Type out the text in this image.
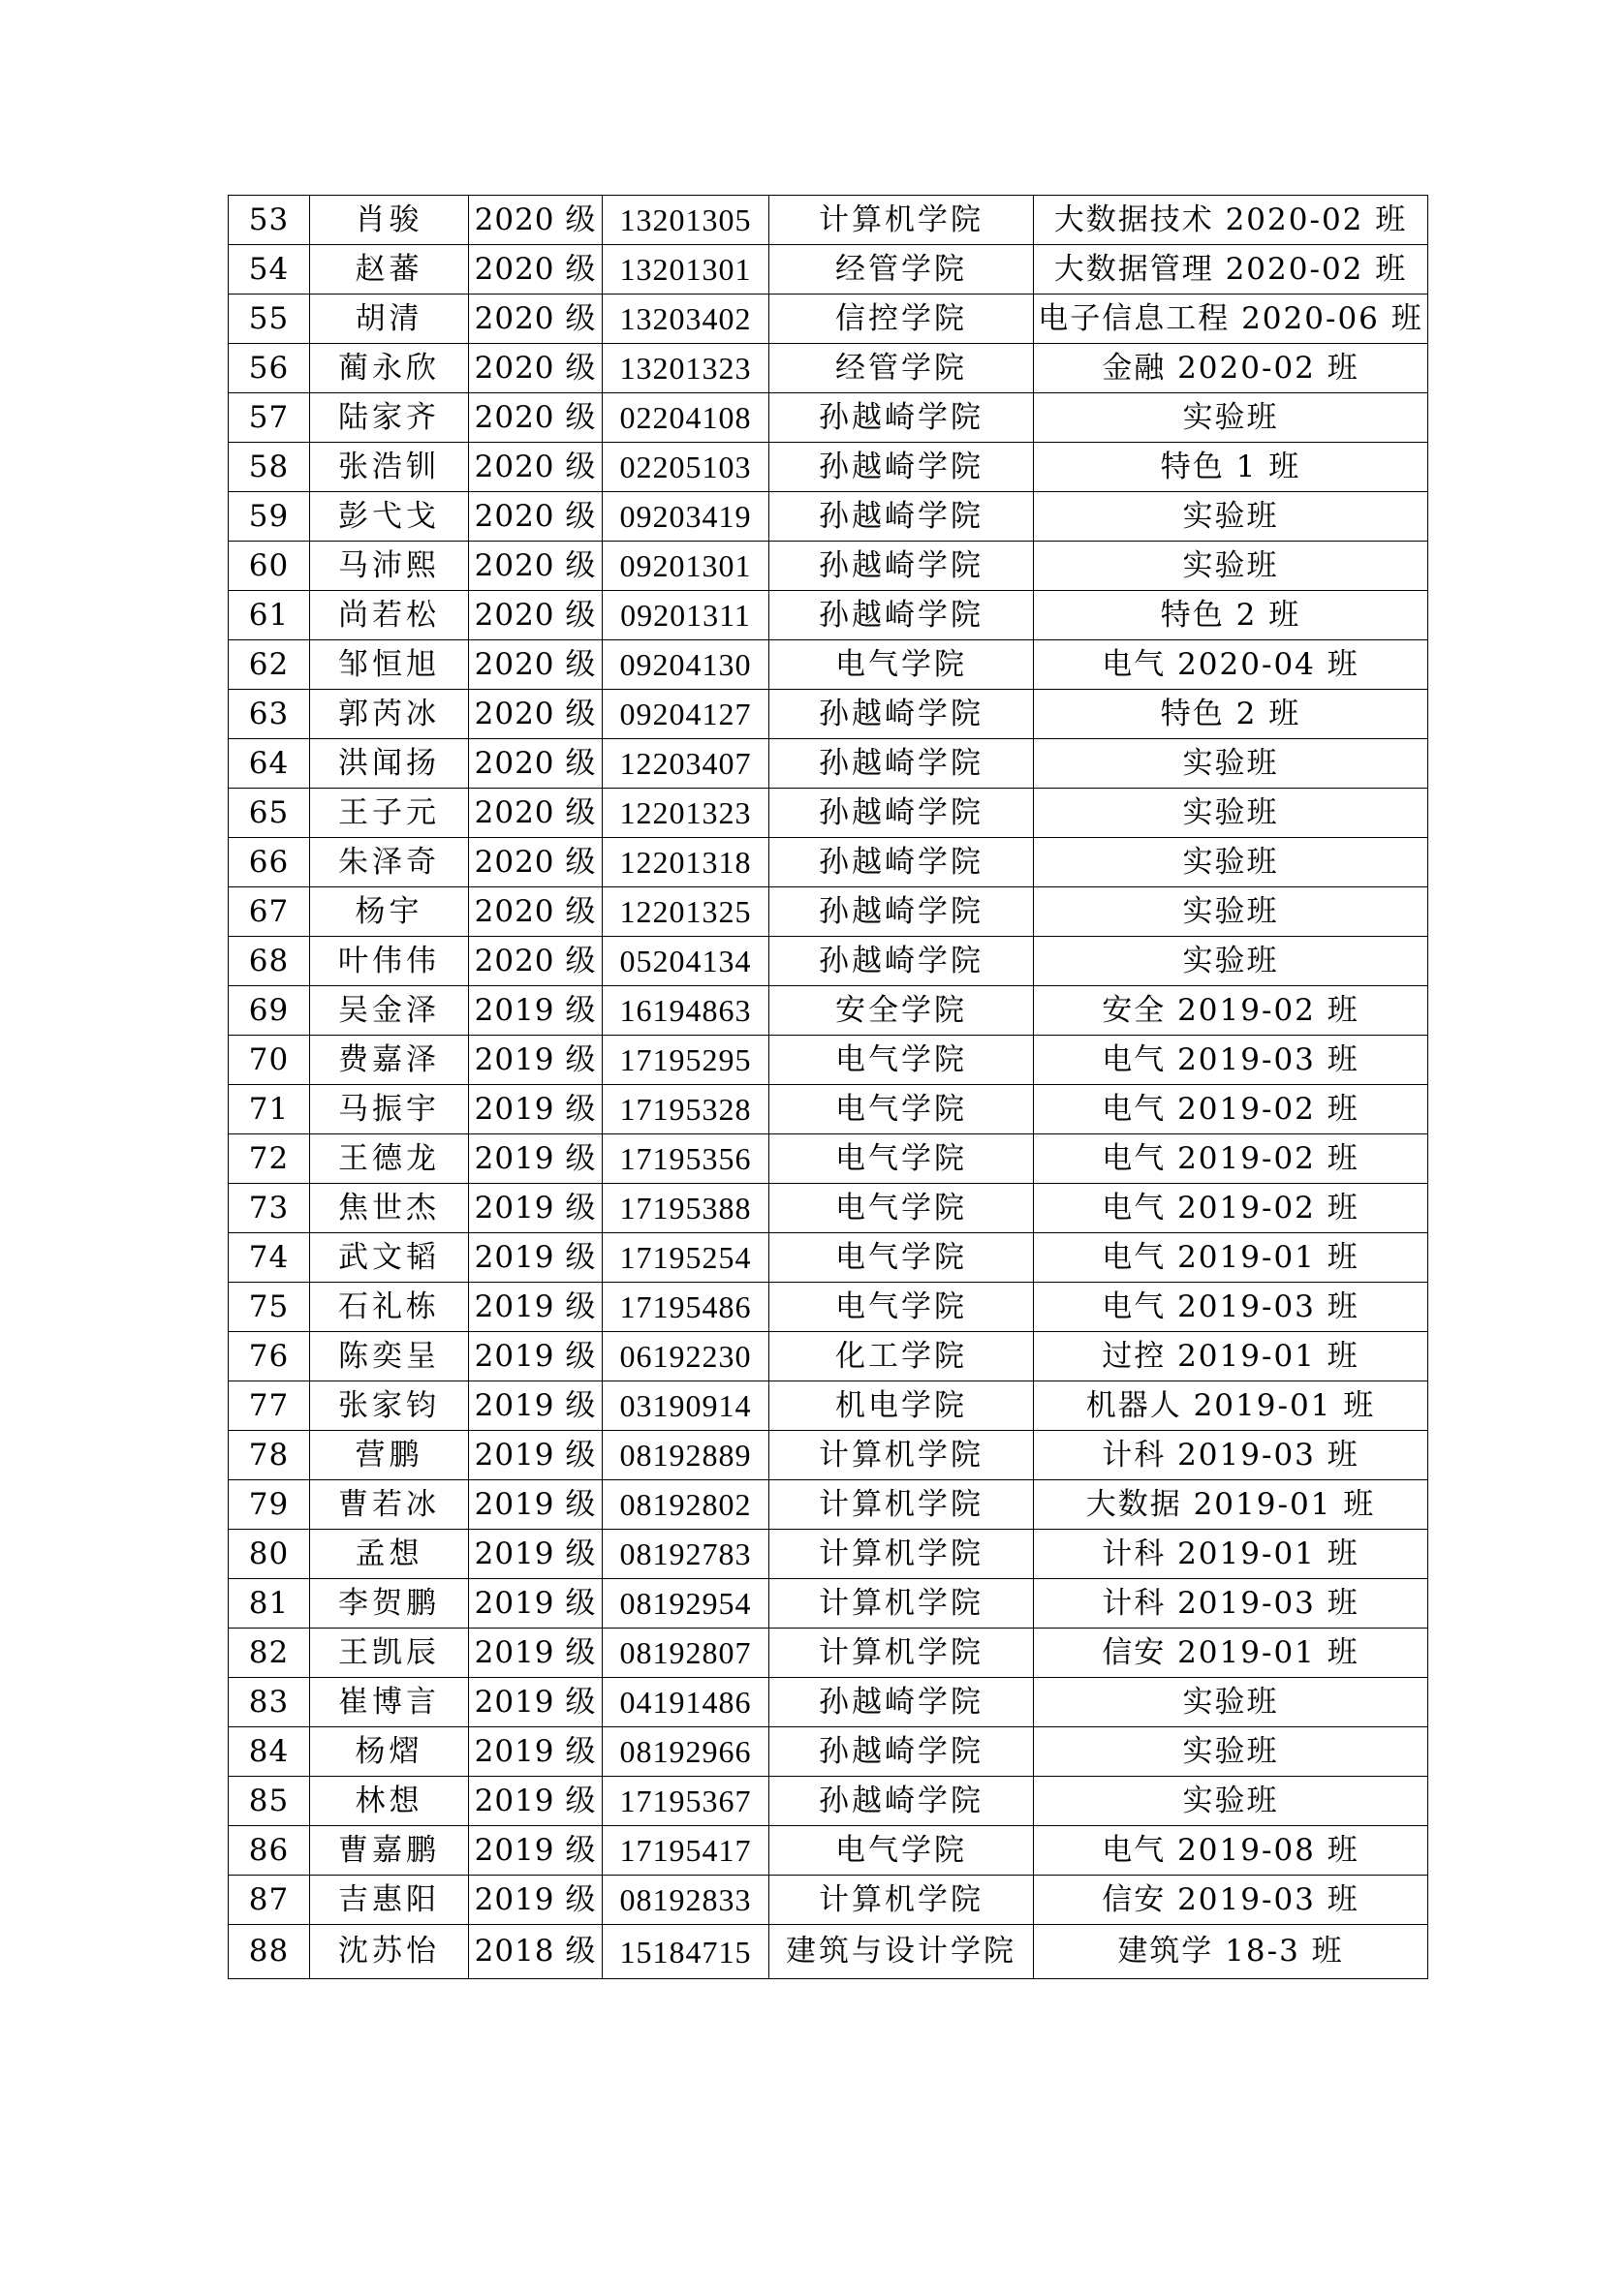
53	肖骏	2020 级	13201305	计算机学院	大数据技术 2020-02 班
54	赵蕃	2020 级	13201301	经管学院	大数据管理 2020-02 班
55	胡清	2020 级	13203402	信控学院	电子信息工程 2020-06 班
56	蔺永欣	2020 级	13201323	经管学院	金融 2020-02 班
57	陆家齐	2020 级	02204108	孙越崎学院	实验班
58	张浩钏	2020 级	02205103	孙越崎学院	特色 1 班
59	彭弋戈	2020 级	09203419	孙越崎学院	实验班
60	马沛熙	2020 级	09201301	孙越崎学院	实验班
61	尚若松	2020 级	09201311	孙越崎学院	特色 2 班
62	邹恒旭	2020 级	09204130	电气学院	电气 2020-04 班
63	郭芮冰	2020 级	09204127	孙越崎学院	特色 2 班
64	洪闻扬	2020 级	12203407	孙越崎学院	实验班
65	王子元	2020 级	12201323	孙越崎学院	实验班
66	朱泽奇	2020 级	12201318	孙越崎学院	实验班
67	杨宇	2020 级	12201325	孙越崎学院	实验班
68	叶伟伟	2020 级	05204134	孙越崎学院	实验班
69	吴金泽	2019 级	16194863	安全学院	安全 2019-02 班
70	费嘉泽	2019 级	17195295	电气学院	电气 2019-03 班
71	马振宇	2019 级	17195328	电气学院	电气 2019-02 班
72	王德龙	2019 级	17195356	电气学院	电气 2019-02 班
73	焦世杰	2019 级	17195388	电气学院	电气 2019-02 班
74	武文韬	2019 级	17195254	电气学院	电气 2019-01 班
75	石礼栋	2019 级	17195486	电气学院	电气 2019-03 班
76	陈奕呈	2019 级	06192230	化工学院	过控 2019-01 班
77	张家钧	2019 级	03190914	机电学院	机器人 2019-01 班
78	营鹏	2019 级	08192889	计算机学院	计科 2019-03 班
79	曹若冰	2019 级	08192802	计算机学院	大数据 2019-01 班
80	孟想	2019 级	08192783	计算机学院	计科 2019-01 班
81	李贺鹏	2019 级	08192954	计算机学院	计科 2019-03 班
82	王凯辰	2019 级	08192807	计算机学院	信安 2019-01 班
83	崔博言	2019 级	04191486	孙越崎学院	实验班
84	杨熠	2019 级	08192966	孙越崎学院	实验班
85	林想	2019 级	17195367	孙越崎学院	实验班
86	曹嘉鹏	2019 级	17195417	电气学院	电气 2019-08 班
87	吉惠阳	2019 级	08192833	计算机学院	信安 2019-03 班
88	沈苏怡	2018 级	15184715	建筑与设计学院	建筑学 18-3 班
